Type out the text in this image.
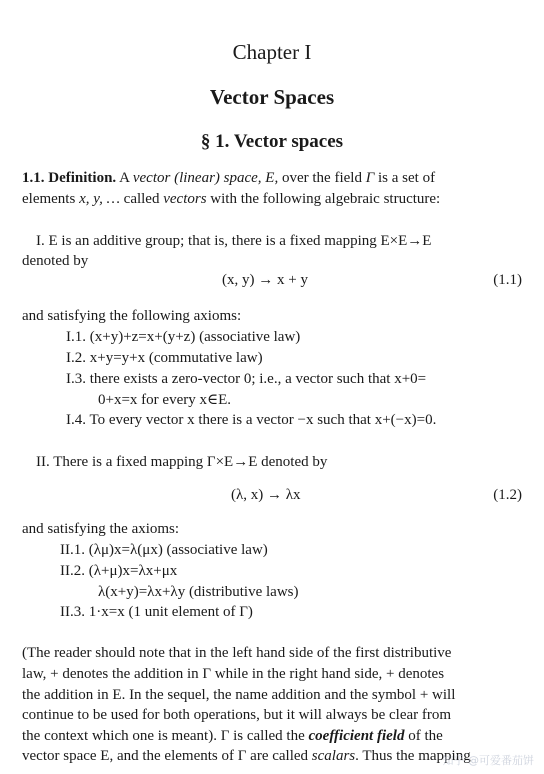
Chapter I
Vector Spaces
§ 1. Vector spaces
1.1. Definition. A vector (linear) space, E, over the field Γ is a set of
elements x, y, … called vectors with the following algebraic structure:
I. E is an additive group; that is, there is a fixed mapping E×E→E
denoted by
(x, y) → x + y	(1.1)
and satisfying the following axioms:
I.1. (x+y)+z=x+(y+z) (associative law)
I.2. x+y=y+x (commutative law)
I.3. there exists a zero-vector 0; i.e., a vector such that x+0=
0+x=x for every x∈E.
I.4. To every vector x there is a vector −x such that x+(−x)=0.
II. There is a fixed mapping Γ×E→E denoted by
(λ, x) → λx	(1.2)
and satisfying the axioms:
II.1. (λμ)x=λ(μx) (associative law)
II.2. (λ+μ)x=λx+μx
λ(x+y)=λx+λy (distributive laws)
II.3. 1·x=x (1 unit element of Γ)
(The reader should note that in the left hand side of the first distributive
law, + denotes the addition in Γ while in the right hand side, + denotes
the addition in E. In the sequel, the name addition and the symbol + will
continue to be used for both operations, but it will always be clear from
the context which one is meant). Γ is called the coefficient field of the
vector space E, and the elements of Γ are called scalars. Thus the mapping
知乎 @可爱番茄饼
